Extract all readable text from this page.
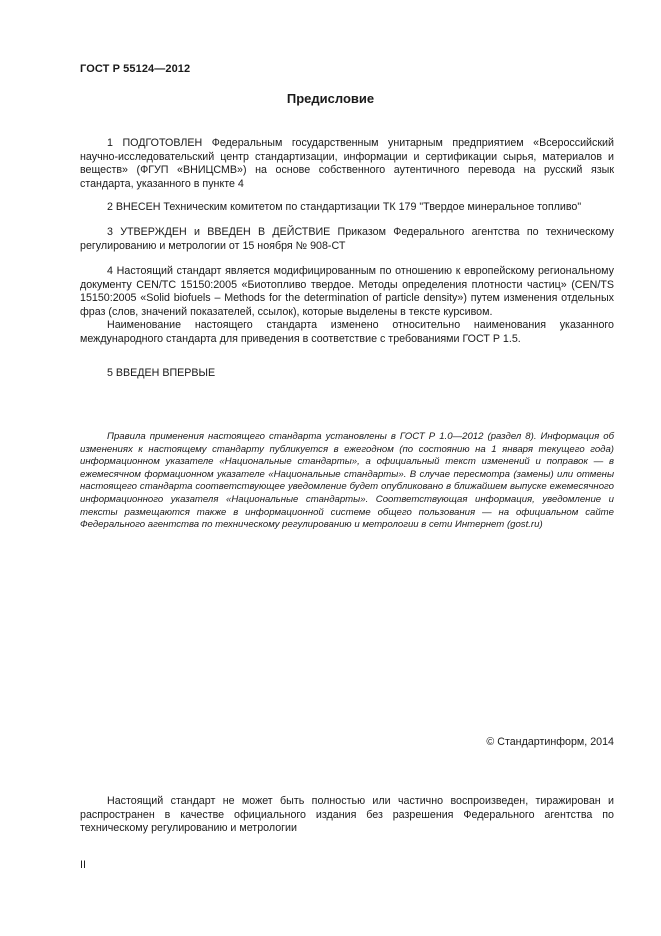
ГОСТ Р 55124—2012
Предисловие

1 ПОДГОТОВЛЕН Федеральным государственным унитарным предприятием «Всероссийский научно-исследовательский центр стандартизации, информации и сертификации сырья, материалов и веществ» (ФГУП «ВНИЦСМВ») на основе собственного аутентичного перевода на русский язык стандарта, указанного в пункте 4

2 ВНЕСЕН Техническим комитетом по стандартизации ТК 179 "Твердое минеральное топливо"

3 УТВЕРЖДЕН и ВВЕДЕН В ДЕЙСТВИЕ Приказом Федерального агентства по техническому регулированию и метрологии от 15 ноября № 908-СТ

4 Настоящий стандарт является модифицированным по отношению к европейскому региональному документу CEN/TC 15150:2005 «Биотопливо твердое. Методы определения плотности частиц» (CEN/TS 15150:2005 «Solid biofuels – Methods for the determination of particle density») путем изменения отдельных фраз (слов, значений показателей, ссылок), которые выделены в тексте курсивом.

Наименование настоящего стандарта изменено относительно наименования указанного международного стандарта для приведения в соответствие с требованиями ГОСТ Р 1.5.

5 ВВЕДЕН ВПЕРВЫЕ

Правила применения настоящего стандарта установлены в ГОСТ Р 1.0—2012 (раздел 8). Информация об изменениях к настоящему стандарту публикуется в ежегодном (по состоянию на 1 января текущего года) информационном указателе «Национальные стандарты», а официальный текст изменений и поправок — в ежемесячном формационном указателе «Национальные стандарты». В случае пересмотра (замены) или отмены настоящего стандарта соответствующее уведомление будет опубликовано в ближайшем выпуске ежемесячного информационного указателя «Национальные стандарты». Соответствующая информация, уведомление и тексты размещаются также в информационной системе общего пользования — на официальном сайте Федерального агентства по техническому регулированию и метрологии в сети Интернет (gost.ru)

© Стандартинформ, 2014

Настоящий стандарт не может быть полностью или частично воспроизведен, тиражирован и распространен в качестве официального издания без разрешения Федерального агентства по техническому регулированию и метрологии

II
